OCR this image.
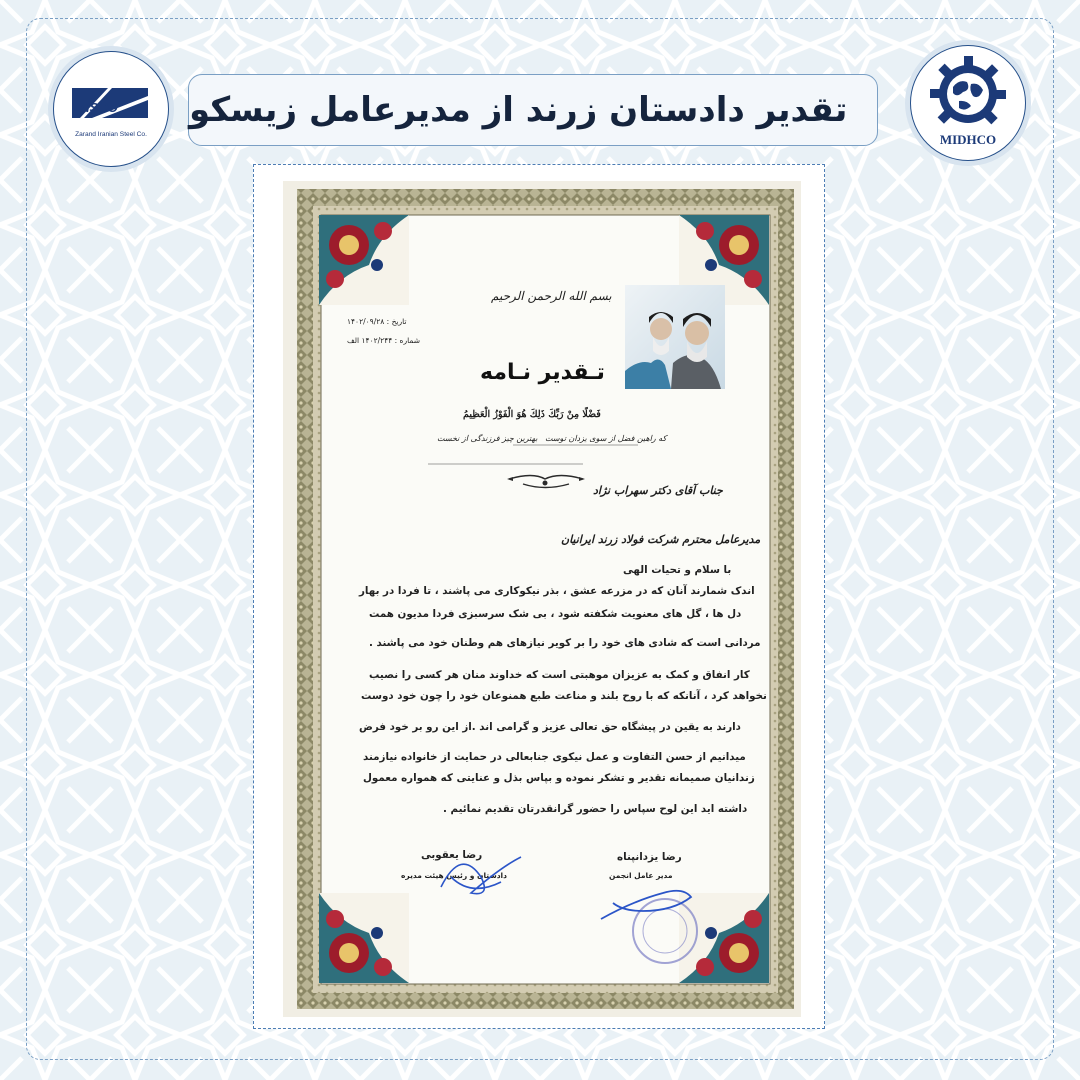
ZISCO
Zarand Iranian Steel Co.	MIDHCO
تقدیر دادستان زرند از مدیرعامل زیسکو
بسم الله الرحمن الرحیم
تاریخ : ۱۴۰۲/۰۹/۲۸
شماره : ۱۴۰۲/۲۴۴ الف
تـقدیر نـامه
فَضْلًا مِنْ رَبِّكَ ذَلِكَ هُوَ الْفَوْزُ الْعَظِيمُ
بهترین چیز فرزندگی از نخست که راهین فضل از سوی یزدان توست
جناب آقای دکتر سهراب نژاد
مدیرعامل محترم شرکت فولاد زرند ایرانیان
با سلام و تحیات الهی
اندک شمارند آنان که در مزرعه عشق ، بذر نیکوکاری می پاشند ، تا فردا در بهار
دل ها ، گل های معنویت شکفته شود ، بی شک سرسبزی فردا مدیون همت
مردانی است که شادی های خود را بر کویر نیازهای هم وطنان خود می پاشند .
کار انفاق و کمک به عزیزان موهبتی است که خداوند منان هر کسی را نصیب
نخواهد کرد ، آنانکه که با روح بلند و مناعت طبع همنوعان خود را چون خود دوست
دارند به یقین در پیشگاه حق تعالی عزیز و گرامی اند .از این رو بر خود فرض
میدانیم از حسن التفاوت و عمل نیکوی جنابعالی در حمایت از خانواده نیازمند
زندانیان صمیمانه تقدیر و تشکر نموده و بپاس بذل و عنایتی که همواره معمول
داشته اید این لوح سپاس را حضور گرانقدرتان تقدیم نمائیم .
رضا یزدانپناه
مدیر عامل انجمن
رضا یعقوبی
دادستان و رئیس هیئت مدیره
